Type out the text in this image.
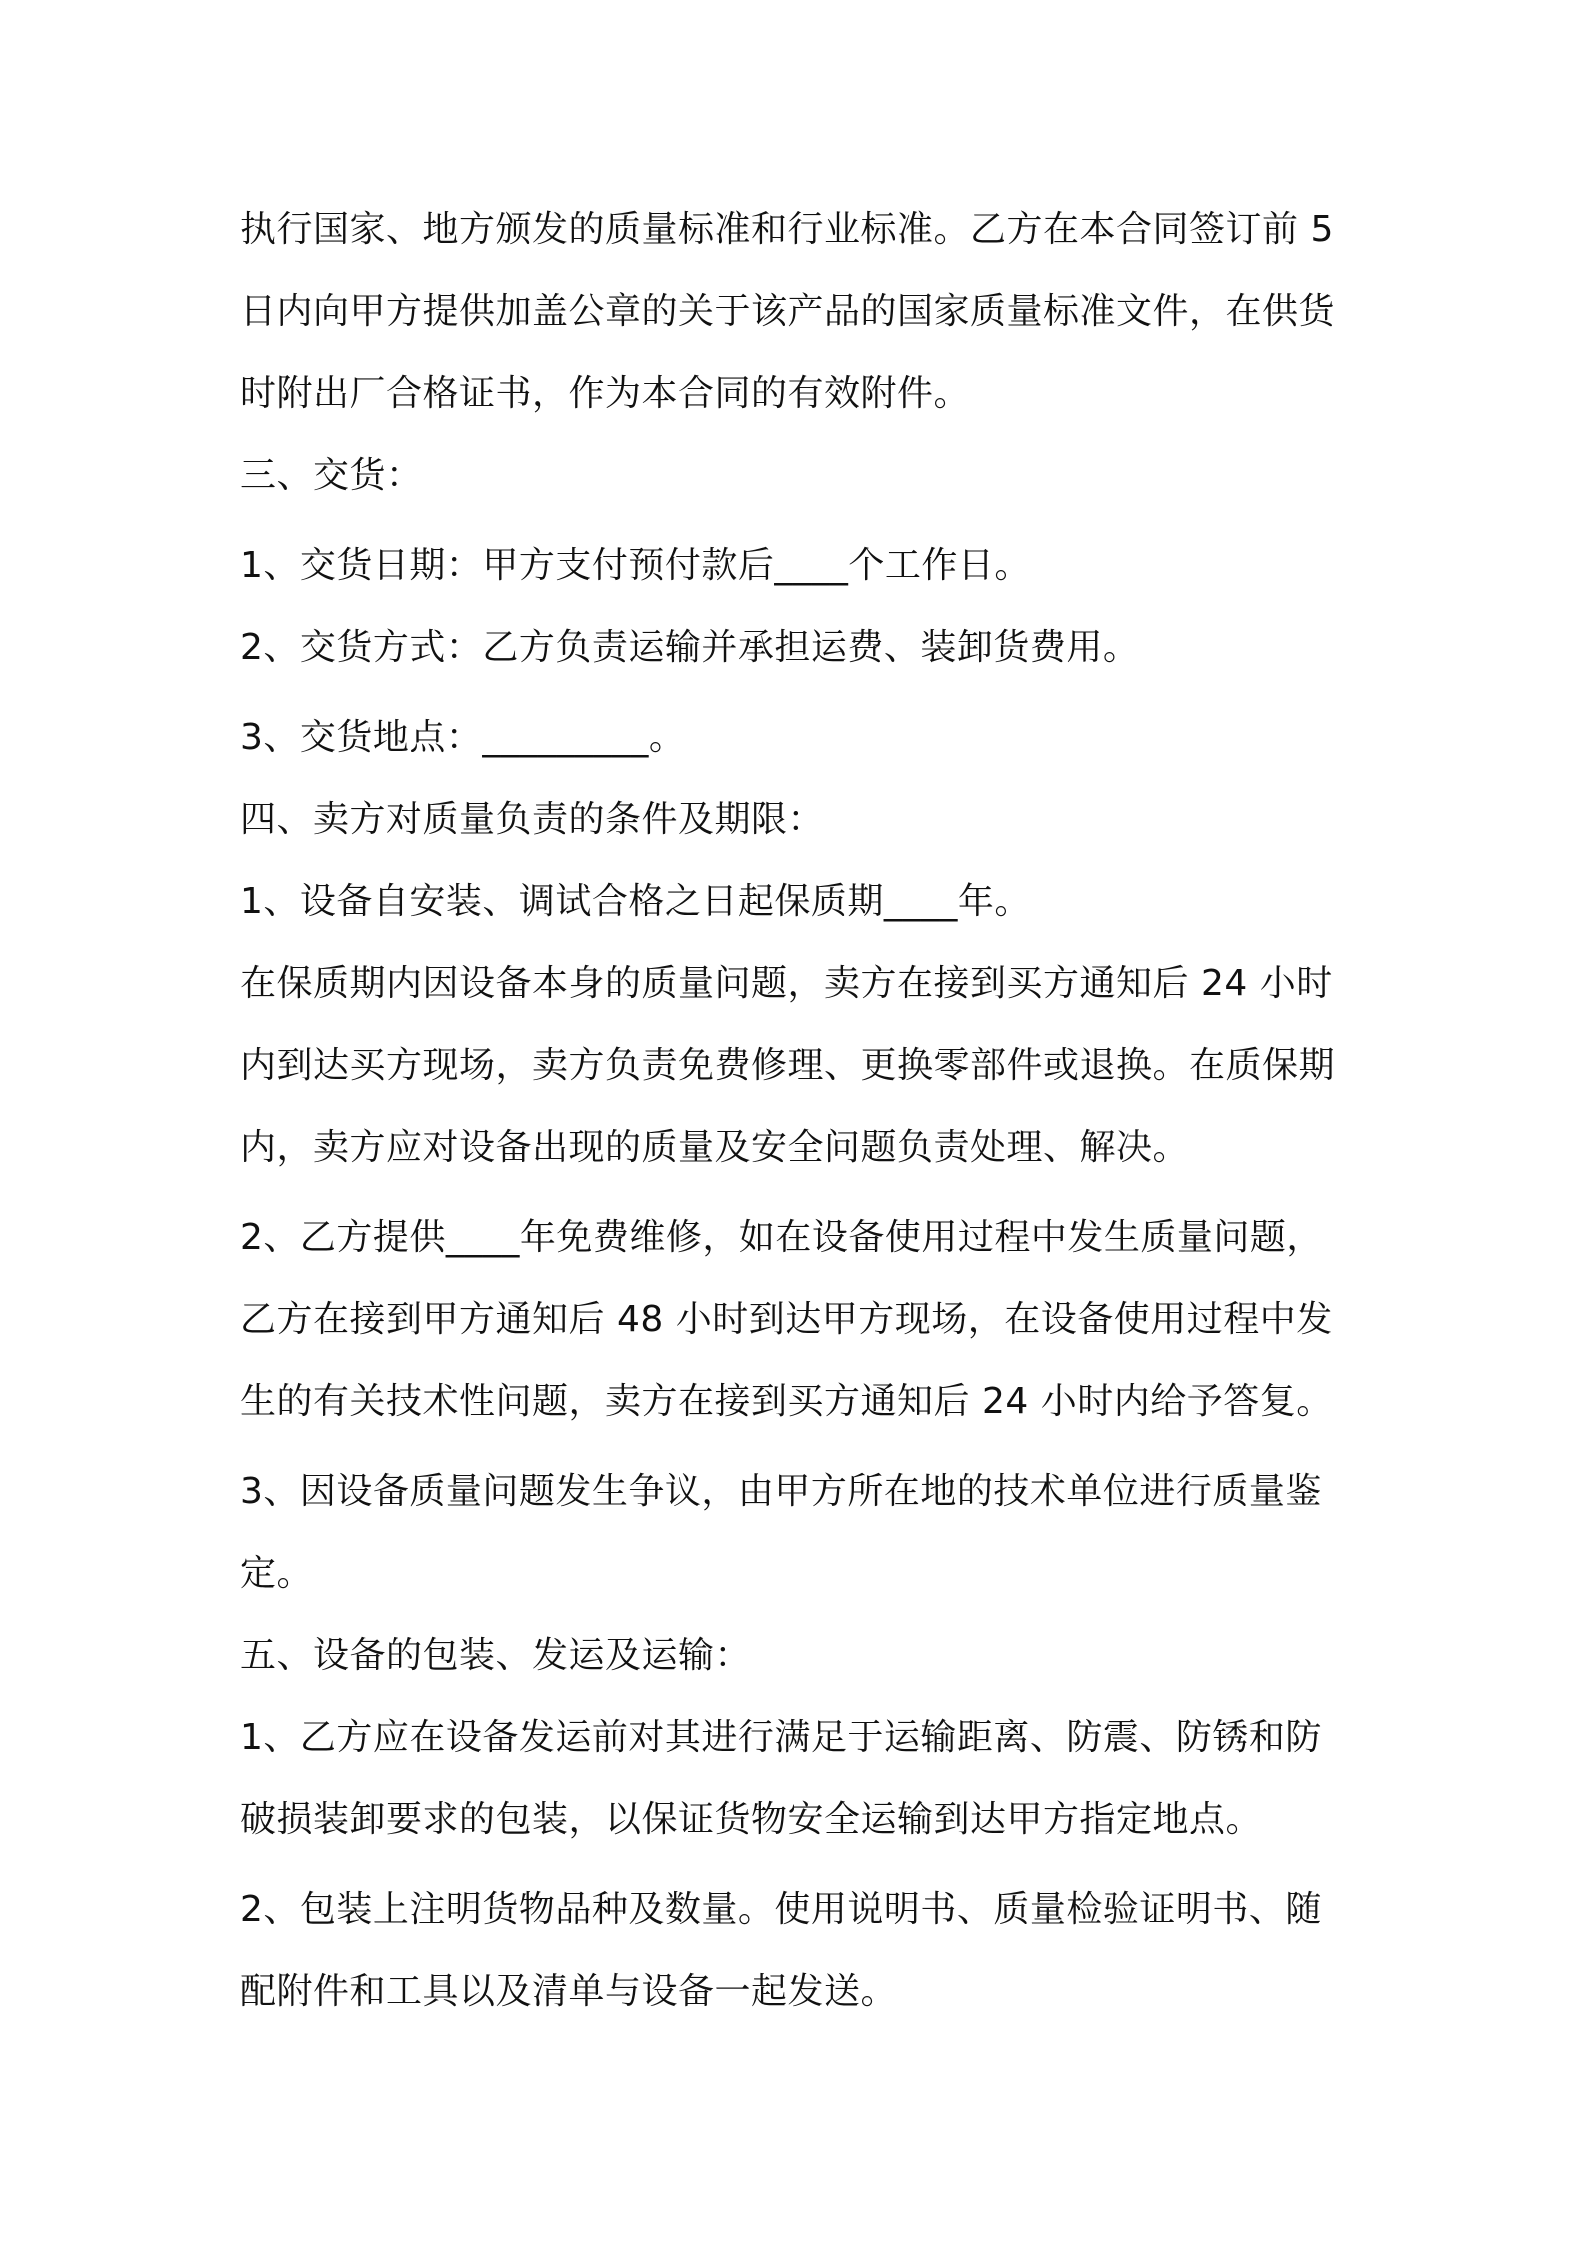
执行国家、地方颁发的质量标准和行业标准。乙方在本合同签订前 5
日内向甲方提供加盖公章的关于该产品的国家质量标准文件，在供货
时附出厂合格证书，作为本合同的有效附件。
三、交货：
1、交货日期：甲方支付预付款后____个工作日。
2、交货方式：乙方负责运输并承担运费、装卸货费用。
3、交货地点：_________。
四、卖方对质量负责的条件及期限：
1、设备自安装、调试合格之日起保质期____年。
在保质期内因设备本身的质量问题，卖方在接到买方通知后 24 小时
内到达买方现场，卖方负责免费修理、更换零部件或退换。在质保期
内，卖方应对设备出现的质量及安全问题负责处理、解决。
2、乙方提供____年免费维修，如在设备使用过程中发生质量问题，
乙方在接到甲方通知后 48 小时到达甲方现场，在设备使用过程中发
生的有关技术性问题，卖方在接到买方通知后 24 小时内给予答复。
3、因设备质量问题发生争议，由甲方所在地的技术单位进行质量鉴
定。
五、设备的包装、发运及运输：
1、乙方应在设备发运前对其进行满足于运输距离、防震、防锈和防
破损装卸要求的包装，以保证货物安全运输到达甲方指定地点。
2、包装上注明货物品种及数量。使用说明书、质量检验证明书、随
配附件和工具以及清单与设备一起发送。
